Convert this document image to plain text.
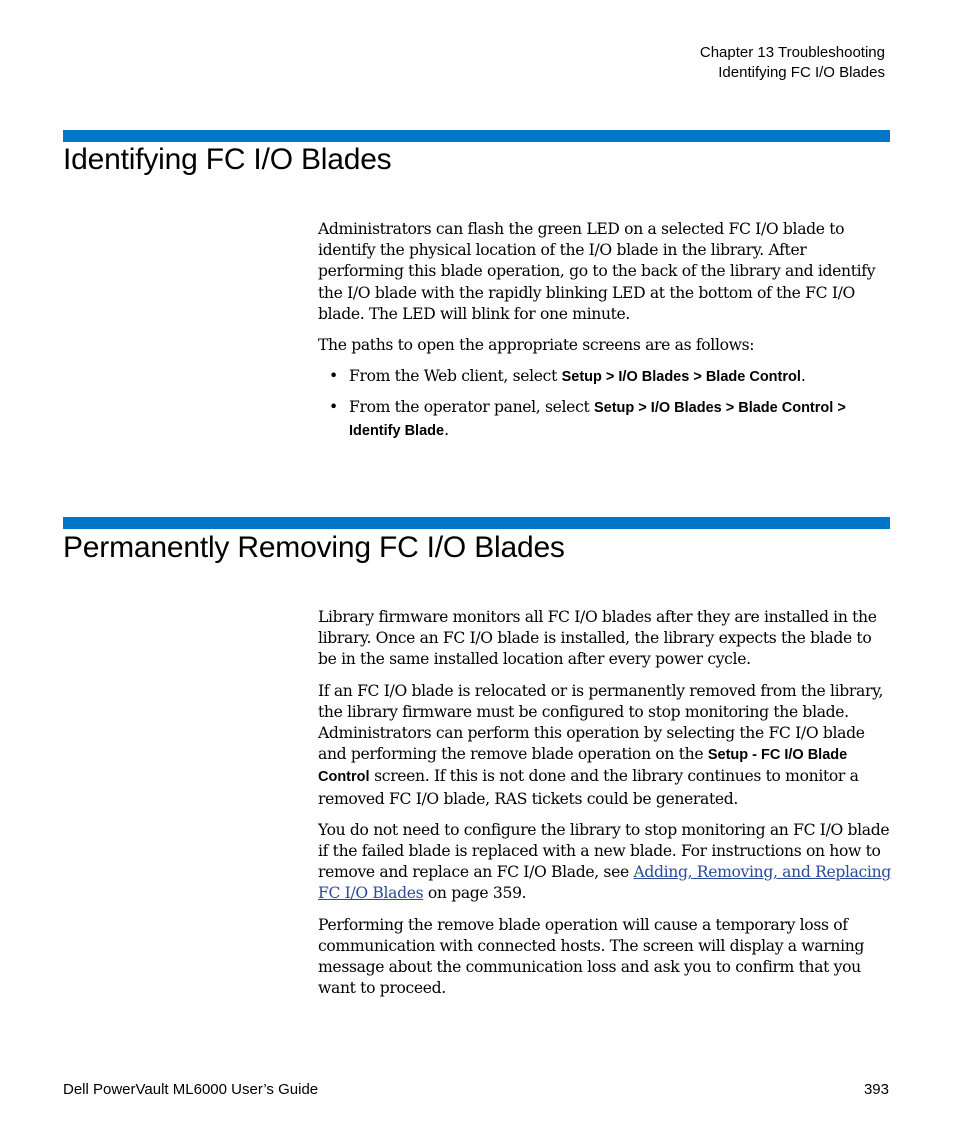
Chapter 13 Troubleshooting
Identifying FC I/O Blades
Identifying FC I/O Blades

Administrators can flash the green LED on a selected FC I/O blade to identify the physical location of the I/O blade in the library. After performing this blade operation, go to the back of the library and identify the I/O blade with the rapidly blinking LED at the bottom of the FC I/O blade. The LED will blink for one minute.

The paths to open the appropriate screens are as follows:

• From the Web client, select Setup > I/O Blades > Blade Control.
• From the operator panel, select Setup > I/O Blades > Blade Control > Identify Blade.
Permanently Removing FC I/O Blades

Library firmware monitors all FC I/O blades after they are installed in the library. Once an FC I/O blade is installed, the library expects the blade to be in the same installed location after every power cycle.

If an FC I/O blade is relocated or is permanently removed from the library, the library firmware must be configured to stop monitoring the blade. Administrators can perform this operation by selecting the FC I/O blade and performing the remove blade operation on the Setup - FC I/O Blade Control screen. If this is not done and the library continues to monitor a removed FC I/O blade, RAS tickets could be generated.

You do not need to configure the library to stop monitoring an FC I/O blade if the failed blade is replaced with a new blade. For instructions on how to remove and replace an FC I/O Blade, see Adding, Removing, and Replacing FC I/O Blades on page 359.

Performing the remove blade operation will cause a temporary loss of communication with connected hosts. The screen will display a warning message about the communication loss and ask you to confirm that you want to proceed.

Dell PowerVault ML6000 User’s Guide	393
